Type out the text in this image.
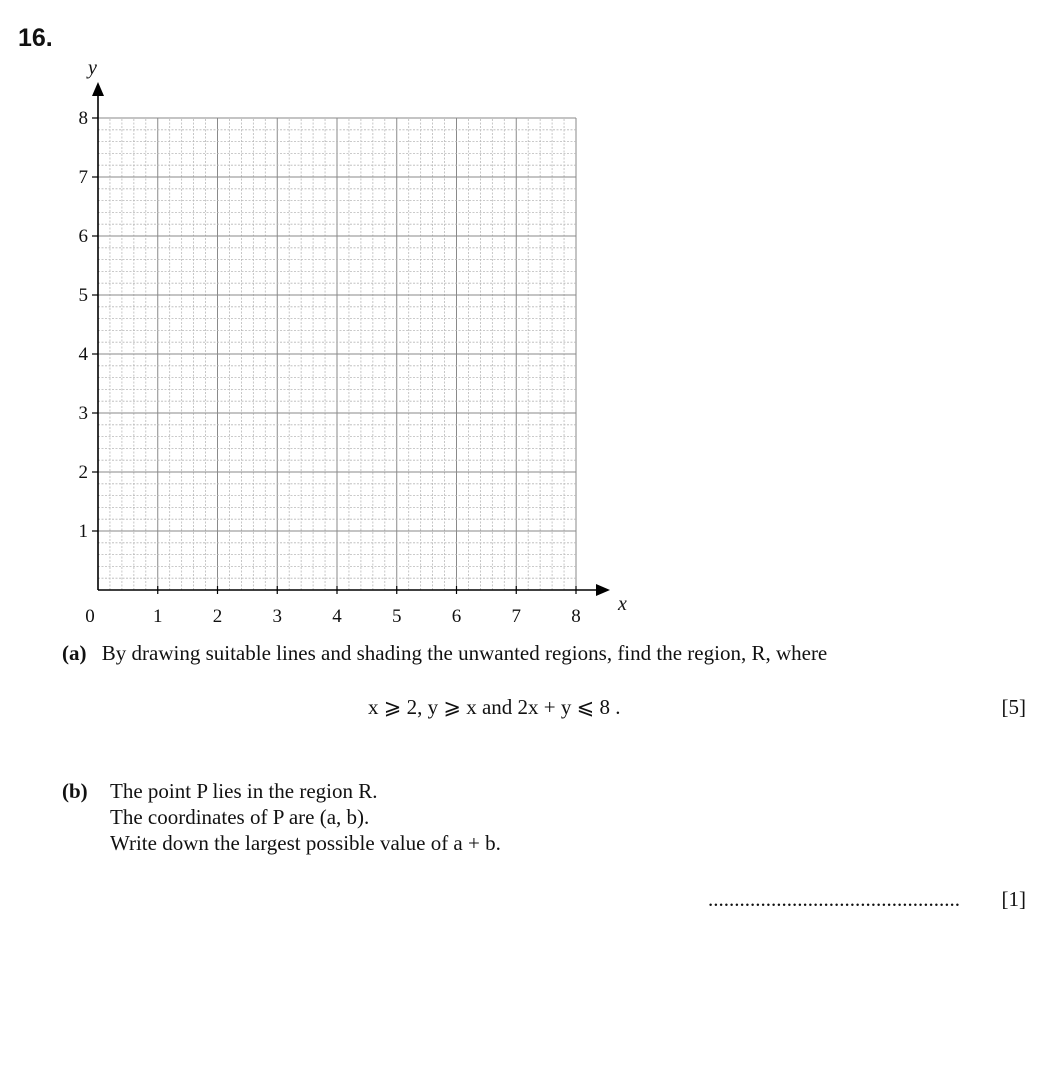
16.
0	1	2	3	4	5	6	7	8
1
2
3
4
5
6
7
8
x
y
(a) By drawing suitable lines and shading the unwanted regions, find the region, R, where
x ⩾ 2, y ⩾ x and 2x + y ⩽ 8 .	[5]
(b) The point P lies in the region R.
The coordinates of P are (a, b).
Write down the largest possible value of a + b.
................................................ [1]
